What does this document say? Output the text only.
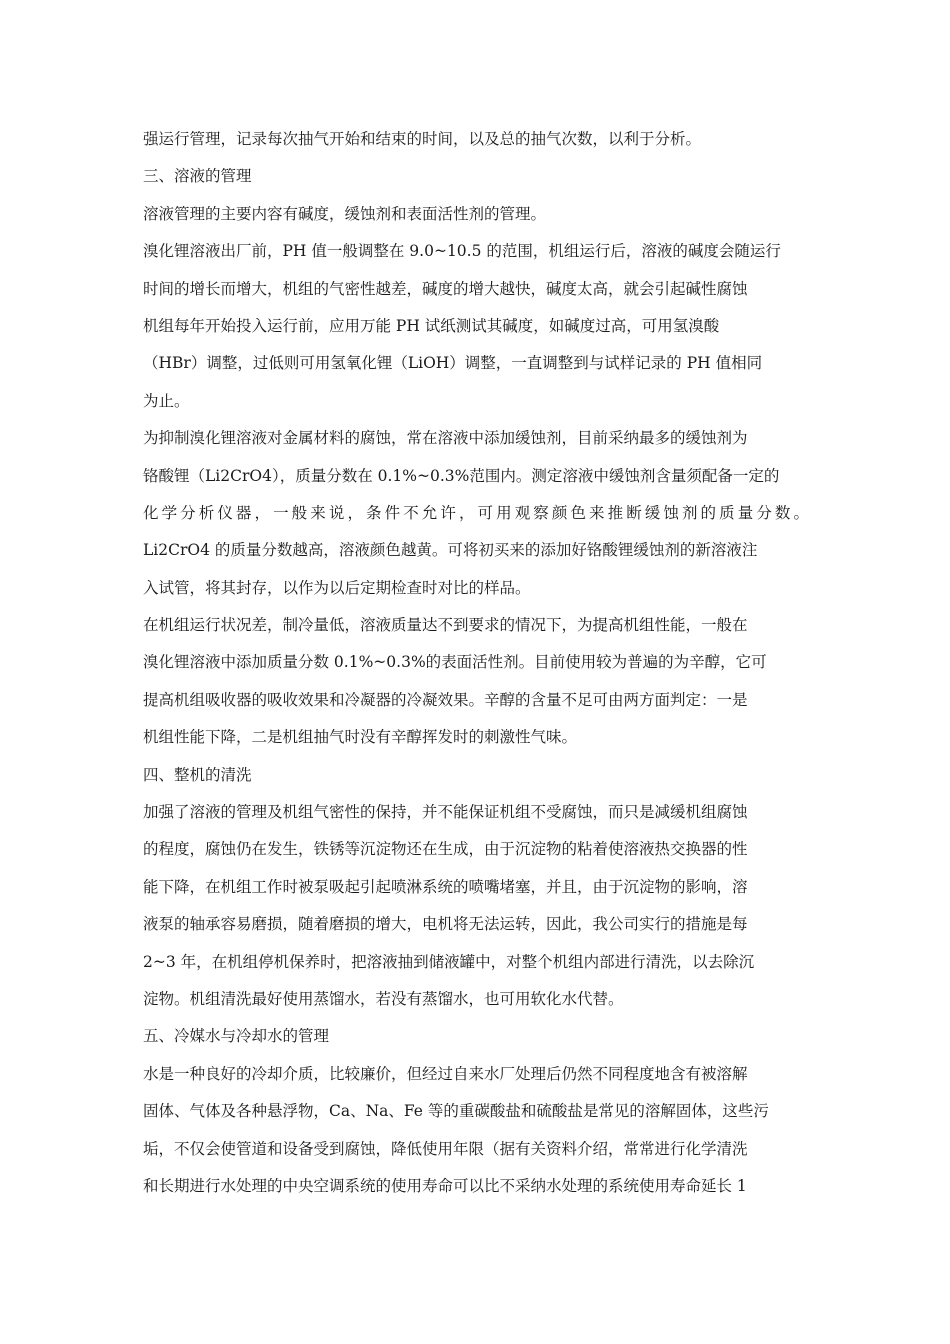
强运行管理，记录每次抽气开始和结束的时间，以及总的抽气次数，以利于分析。
三、溶液的管理
溶液管理的主要内容有碱度，缓蚀剂和表面活性剂的管理。
溴化锂溶液出厂前，PH 值一般调整在 9.0~10.5 的范围，机组运行后，溶液的碱度会随运行
时间的增长而增大，机组的气密性越差，碱度的增大越快，碱度太高，就会引起碱性腐蚀
机组每年开始投入运行前，应用万能 PH 试纸测试其碱度，如碱度过高，可用氢溴酸
（HBr）调整，过低则可用氢氧化锂（LiOH）调整，一直调整到与试样记录的 PH 值相同
为止。
为抑制溴化锂溶液对金属材料的腐蚀，常在溶液中添加缓蚀剂，目前采纳最多的缓蚀剂为
铬酸锂（Li2CrO4），质量分数在 0.1%~0.3%范围内。测定溶液中缓蚀剂含量须配备一定的
化学分析仪器，一般来说，条件不允许，可用观察颜色来推断缓蚀剂的质量分数。
Li2CrO4 的质量分数越高，溶液颜色越黄。可将初买来的添加好铬酸锂缓蚀剂的新溶液注
入试管，将其封存，以作为以后定期检查时对比的样品。
在机组运行状况差，制冷量低，溶液质量达不到要求的情况下，为提高机组性能，一般在
溴化锂溶液中添加质量分数 0.1%~0.3%的表面活性剂。目前使用较为普遍的为辛醇，它可
提高机组吸收器的吸收效果和冷凝器的冷凝效果。辛醇的含量不足可由两方面判定：一是
机组性能下降，二是机组抽气时没有辛醇挥发时的刺激性气味。
四、整机的清洗
加强了溶液的管理及机组气密性的保持，并不能保证机组不受腐蚀，而只是减缓机组腐蚀
的程度，腐蚀仍在发生，铁锈等沉淀物还在生成，由于沉淀物的粘着使溶液热交换器的性
能下降，在机组工作时被泵吸起引起喷淋系统的喷嘴堵塞，并且，由于沉淀物的影响，溶
液泵的轴承容易磨损，随着磨损的增大，电机将无法运转，因此，我公司实行的措施是每
2~3 年，在机组停机保养时，把溶液抽到储液罐中，对整个机组内部进行清洗，以去除沉
淀物。机组清洗最好使用蒸馏水，若没有蒸馏水，也可用软化水代替。
五、冷媒水与冷却水的管理
水是一种良好的冷却介质，比较廉价，但经过自来水厂处理后仍然不同程度地含有被溶解
固体、气体及各种悬浮物，Ca、Na、Fe 等的重碳酸盐和硫酸盐是常见的溶解固体，这些污
垢，不仅会使管道和设备受到腐蚀，降低使用年限（据有关资料介绍，常常进行化学清洗
和长期进行水处理的中央空调系统的使用寿命可以比不采纳水处理的系统使用寿命延长 1
